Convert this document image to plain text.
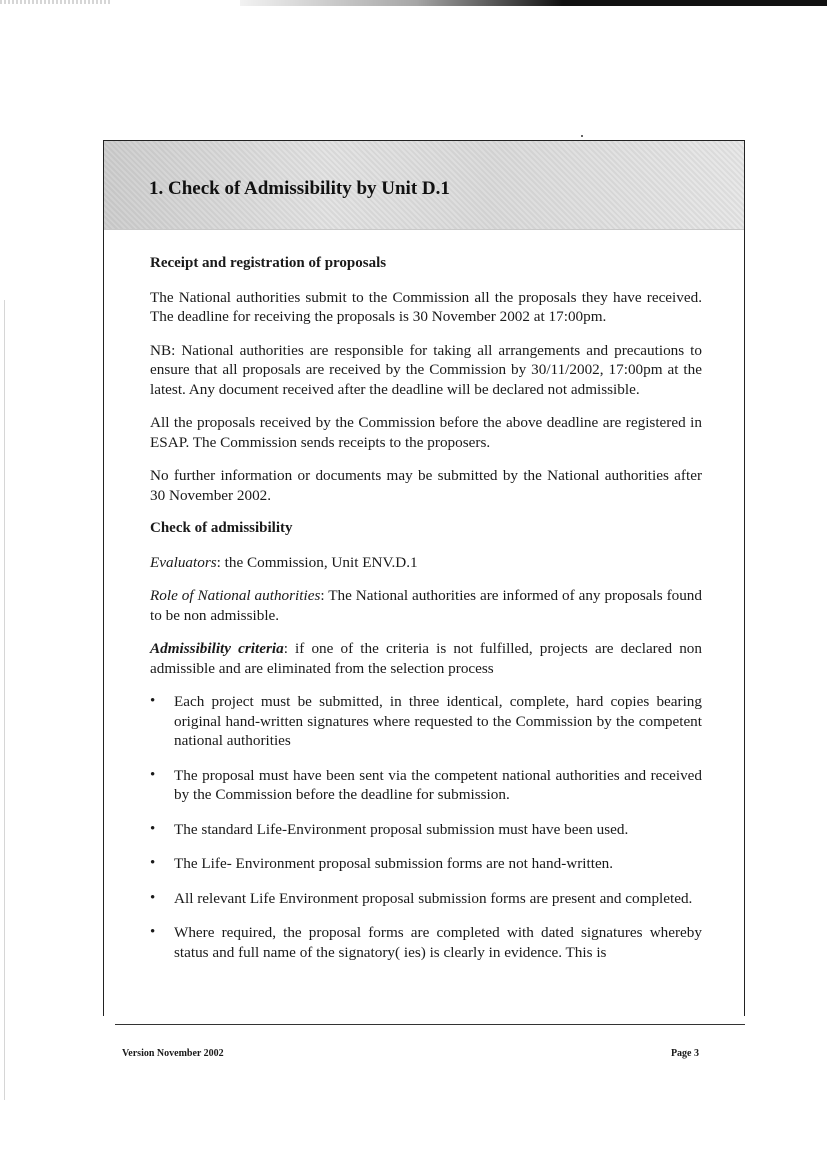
1. Check of Admissibility by Unit D.1
Receipt and registration of proposals

The National authorities submit to the Commission all the proposals they have received. The deadline for receiving the proposals is 30 November 2002 at 17:00pm.

NB: National authorities are responsible for taking all arrangements and precautions to ensure that all proposals are received by the Commission by 30/11/2002, 17:00pm at the latest. Any document received after the deadline will be declared not admissible.

All the proposals received by the Commission before the above deadline are registered in ESAP. The Commission sends receipts to the proposers.

No further information or documents may be submitted by the National authorities after 30 November 2002.

Check of admissibility

Evaluators: the Commission, Unit ENV.D.1

Role of National authorities: The National authorities are informed of any proposals found to be non admissible.

Admissibility criteria: if one of the criteria is not fulfilled, projects are declared non admissible and are eliminated from the selection process

• Each project must be submitted, in three identical, complete, hard copies bearing original hand-written signatures where requested to the Commission by the competent national authorities
• The proposal must have been sent via the competent national authorities and received by the Commission before the deadline for submission.
• The standard Life-Environment proposal submission must have been used.
• The Life- Environment proposal submission forms are not hand-written.
• All relevant Life Environment proposal submission forms are present and completed.
• Where required, the proposal forms are completed with dated signatures whereby status and full name of the signatory( ies) is clearly in evidence. This is
Version November 2002	Page 3
